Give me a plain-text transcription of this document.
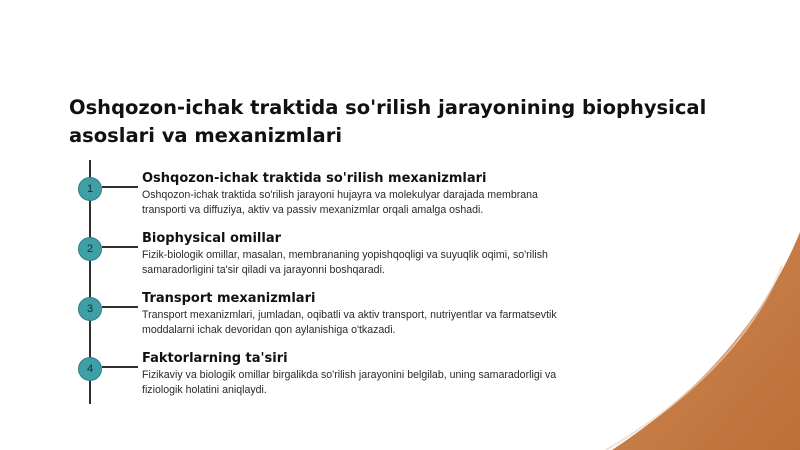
Oshqozon-ichak traktida so'rilish jarayonining biophysical asoslari va mexanizmlari
1
Oshqozon-ichak traktida so'rilish mexanizmlari

Oshqozon-ichak traktida so'rilish jarayoni hujayra va molekulyar darajada membrana transporti va diffuziya, aktiv va passiv mexanizmlar orqali amalga oshadi.

2
Biophysical omillar

Fizik-biologik omillar, masalan, membrananing yopishqoqligi va suyuqlik oqimi, so'rilish samaradorligini ta'sir qiladi va jarayonni boshqaradi.

3
Transport mexanizmlari

Transport mexanizmlari, jumladan, oqibatli va aktiv transport, nutriyentlar va farmatsevtik moddalarni ichak devoridan qon aylanishiga o'tkazadi.

4
Faktorlarning ta'siri

Fizikaviy va biologik omillar birgalikda so'rilish jarayonini belgilab, uning samaradorligi va fiziologik holatini aniqlaydi.
